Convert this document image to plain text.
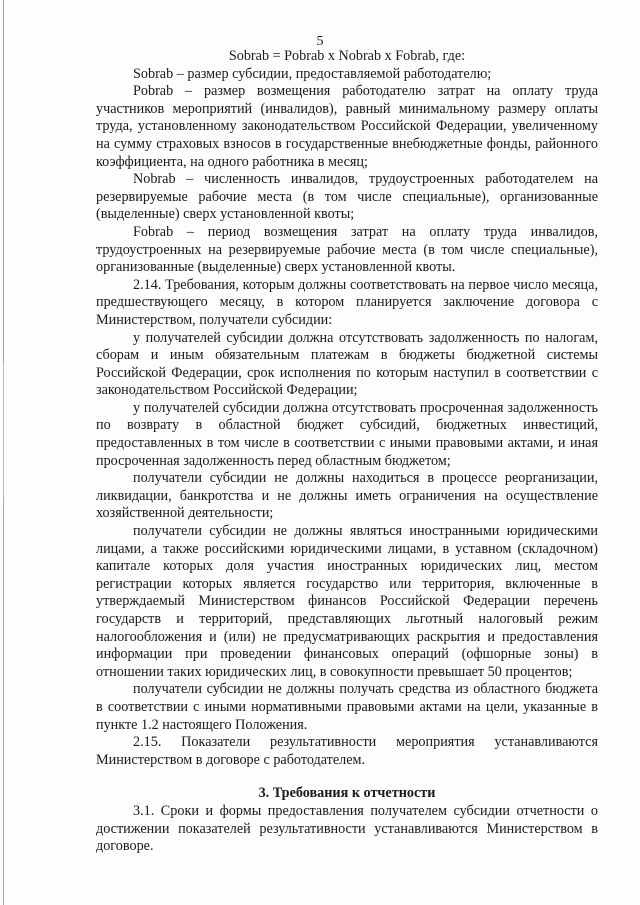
5

Sobrab = Pobrab x Nobrab x Fobrab, где:

Sobrab – размер субсидии, предоставляемой работодателю;

Pobrab – размер возмещения работодателю затрат на оплату труда участников мероприятий (инвалидов), равный минимальному размеру оплаты труда, установленному законодательством Российской Федерации, увеличенному на сумму страховых взносов в государственные внебюджетные фонды, районного коэффициента, на одного работника в месяц;

Nobrab – численность инвалидов, трудоустроенных работодателем на резервируемые рабочие места (в том числе специальные), организованные (выделенные) сверх установленной квоты;

Fobrab – период возмещения затрат на оплату труда инвалидов, трудоустроенных на резервируемые рабочие места (в том числе специальные), организованные (выделенные) сверх установленной квоты.

2.14. Требования, которым должны соответствовать на первое число месяца, предшествующего месяцу, в котором планируется заключение договора с Министерством, получатели субсидии:

у получателей субсидии должна отсутствовать задолженность по налогам, сборам и иным обязательным платежам в бюджеты бюджетной системы Российской Федерации, срок исполнения по которым наступил в соответствии с законодательством Российской Федерации;

у получателей субсидии должна отсутствовать просроченная задолженность по возврату в областной бюджет субсидий, бюджетных инвестиций, предоставленных в том числе в соответствии с иными правовыми актами, и иная просроченная задолженность перед областным бюджетом;

получатели субсидии не должны находиться в процессе реорганизации, ликвидации, банкротства и не должны иметь ограничения на осуществление хозяйственной деятельности;

получатели субсидии не должны являться иностранными юридическими лицами, а также российскими юридическими лицами, в уставном (складочном) капитале которых доля участия иностранных юридических лиц, местом регистрации которых является государство или территория, включенные в утверждаемый Министерством финансов Российской Федерации перечень государств и территорий, представляющих льготный налоговый режим налогообложения и (или) не предусматривающих раскрытия и предоставления информации при проведении финансовых операций (офшорные зоны) в отношении таких юридических лиц, в совокупности превышает 50 процентов;

получатели субсидии не должны получать средства из областного бюджета в соответствии с иными нормативными правовыми актами на цели, указанные в пункте 1.2 настоящего Положения.

2.15. Показатели результативности мероприятия устанавливаются Министерством в договоре с работодателем.

3. Требования к отчетности

3.1. Сроки и формы предоставления получателем субсидии отчетности о достижении показателей результативности устанавливаются Министерством в договоре.
